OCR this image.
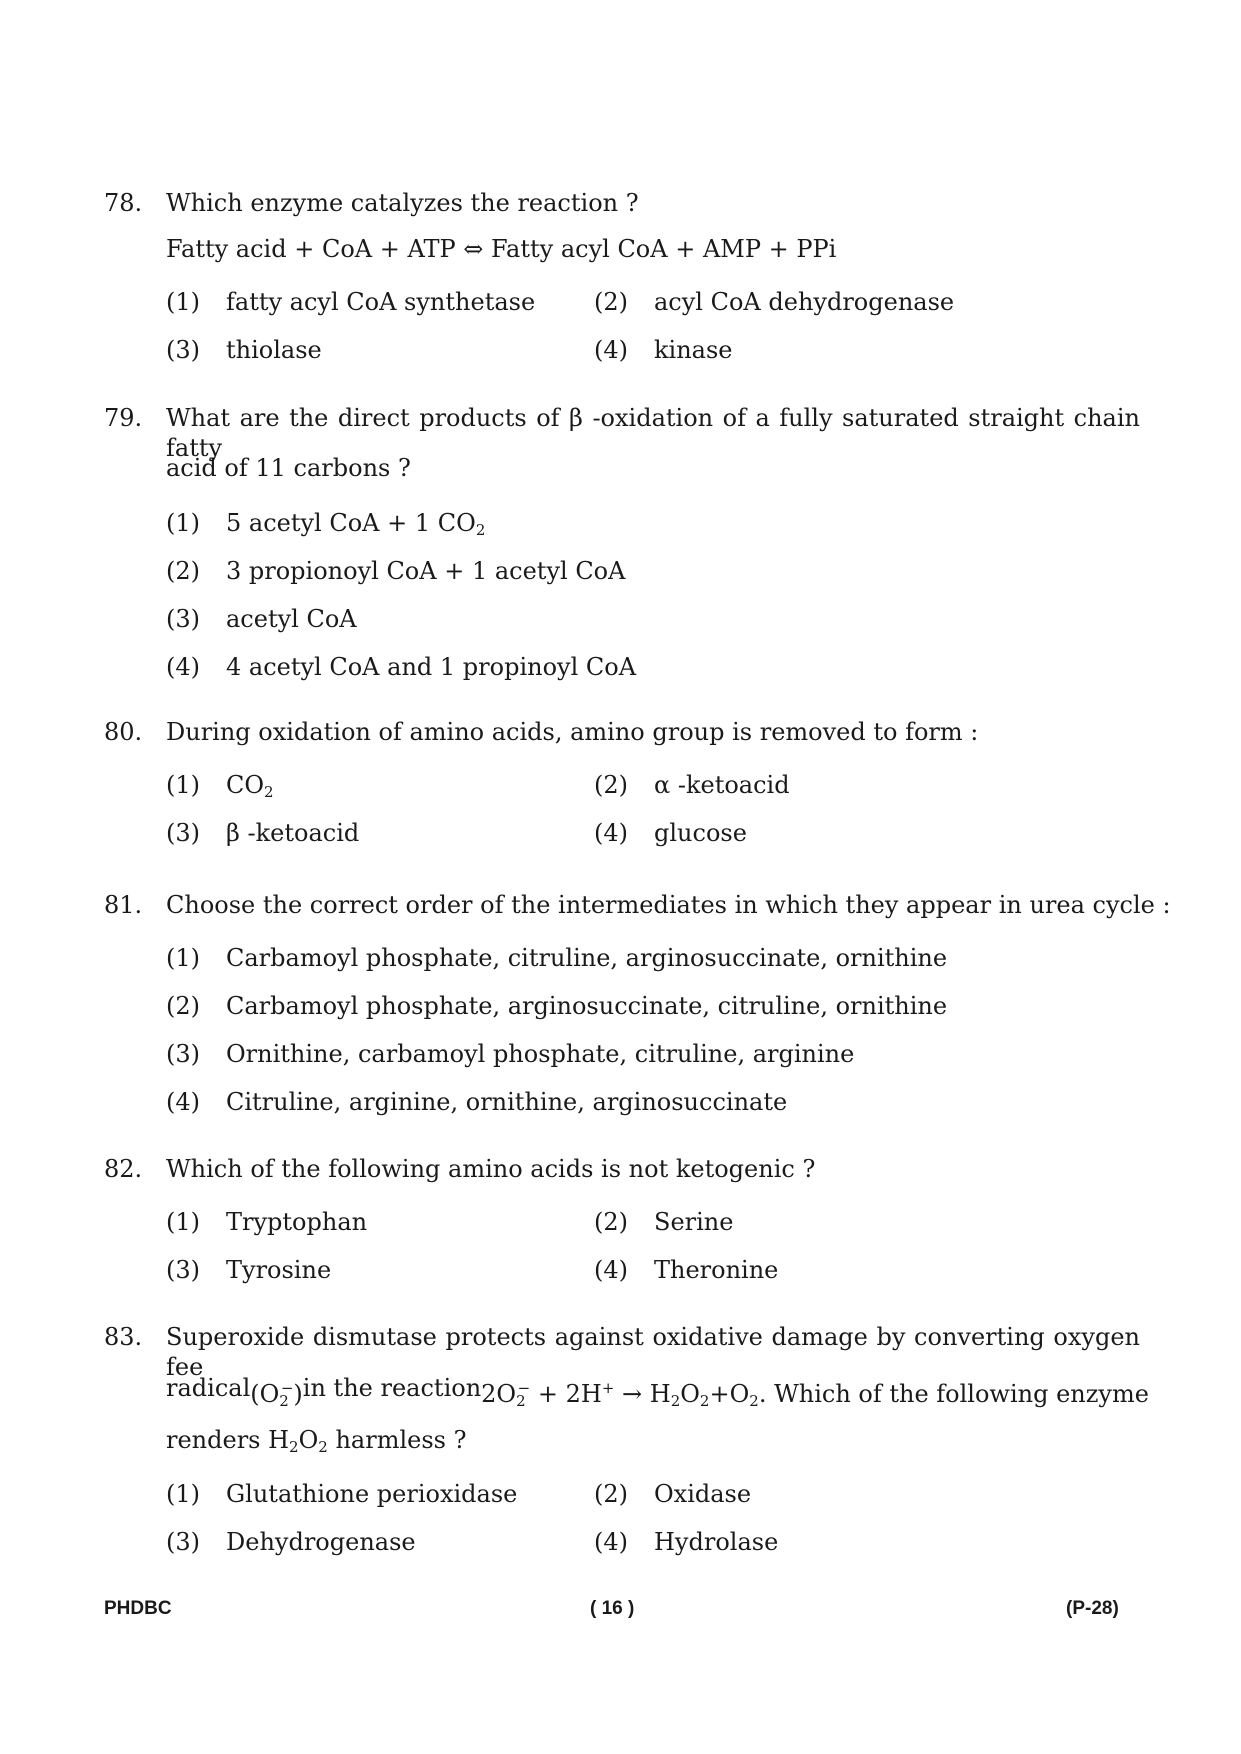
78. Which enzyme catalyzes the reaction ?
Fatty acid + CoA + ATP ⇔ Fatty acyl CoA + AMP + PPi
(1) fatty acyl CoA synthetase (2) acyl CoA dehydrogenase
(3) thiolase	(4) kinase
79. What are the direct products of β -oxidation of a fully saturated straight chain fatty
acid of 11 carbons ?
(1) 5 acetyl CoA + 1 $CO_2$
(2) 3 propionoyl CoA + 1 acetyl CoA
(3) acetyl CoA
(4) 4 acetyl CoA and 1 propinoyl CoA
80. During oxidation of amino acids, amino group is removed to form :
(1) $CO_2$	(2) α -ketoacid
(3) β -ketoacid	(4) glucose
81. Choose the correct order of the intermediates in which they appear in urea cycle :
(1) Carbamoyl phosphate, citruline, arginosuccinate, ornithine
(2) Carbamoyl phosphate, arginosuccinate, citruline, ornithine
(3) Ornithine, carbamoyl phosphate, citruline, arginine
(4) Citruline, arginine, ornithine, arginosuccinate
82. Which of the following amino acids is not ketogenic ?
(1) Tryptophan	(2) Serine
(3) Tyrosine	(4) Theronine
83. Superoxide dismutase protects against oxidative damage by converting oxygen fee
radical $(O_2^-)$ in the reaction $2O_2^- + 2H^+ \to H_2O_2+O_2$. Which of the following enzyme
renders $H_2O_2$ harmless ?
(1) Glutathione perioxidase	(2) Oxidase
(3) Dehydrogenase	(4) Hydrolase
PHDBC	( 16 )	(P-28)
